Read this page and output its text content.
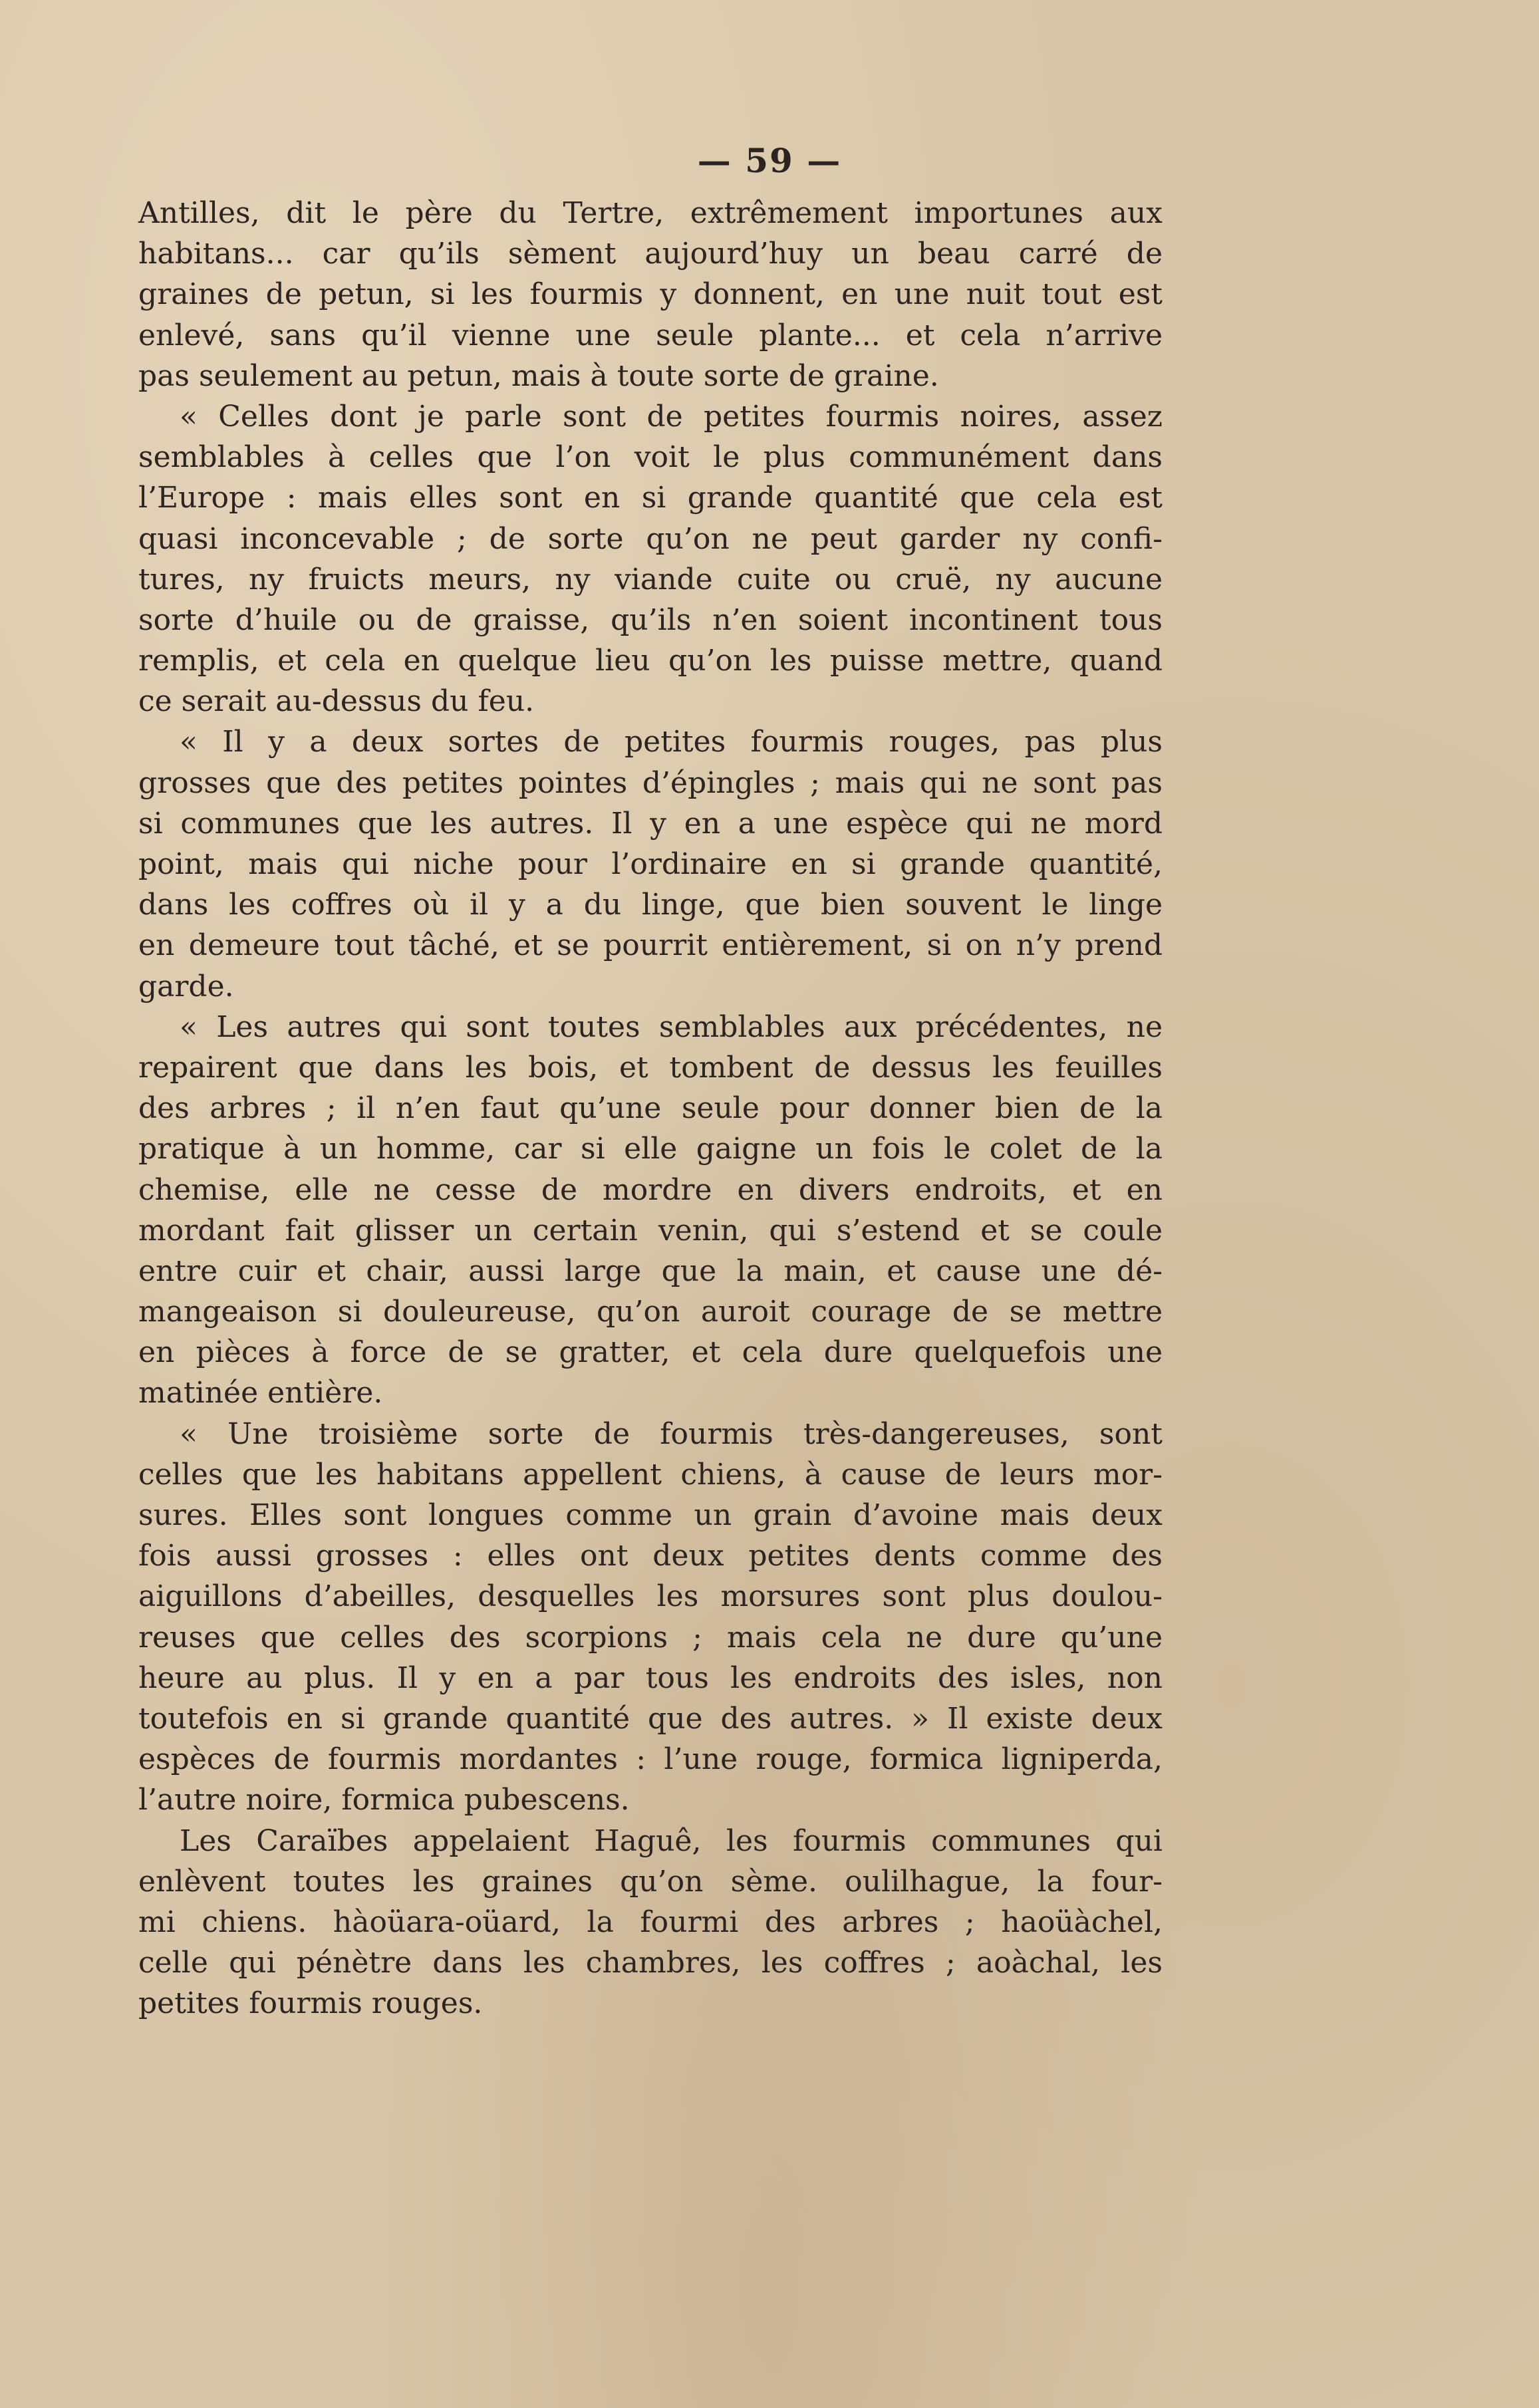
— 59 —
Antilles, dit le père du Tertre, extrêmement importunes aux
habitans... car qu’ils sèment aujourd’huy un beau carré de
graines de petun, si les fourmis y donnent, en une nuit tout est
enlevé, sans qu’il vienne une seule plante... et cela n’arrive
pas seulement au petun, mais à toute sorte de graine.
« Celles dont je parle sont de petites fourmis noires, assez
semblables à celles que l’on voit le plus communément dans
l’Europe : mais elles sont en si grande quantité que cela est
quasi inconcevable ; de sorte qu’on ne peut garder ny confi-
tures, ny fruicts meurs, ny viande cuite ou cruë, ny aucune
sorte d’huile ou de graisse, qu’ils n’en soient incontinent tous
remplis, et cela en quelque lieu qu’on les puisse mettre, quand
ce serait au-dessus du feu.
« Il y a deux sortes de petites fourmis rouges, pas plus
grosses que des petites pointes d’épingles ; mais qui ne sont pas
si communes que les autres. Il y en a une espèce qui ne mord
point, mais qui niche pour l’ordinaire en si grande quantité,
dans les coffres où il y a du linge, que bien souvent le linge
en demeure tout tâché, et se pourrit entièrement, si on n’y prend
garde.
« Les autres qui sont toutes semblables aux précédentes, ne
repairent que dans les bois, et tombent de dessus les feuilles
des arbres ; il n’en faut qu’une seule pour donner bien de la
pratique à un homme, car si elle gaigne un fois le colet de la
chemise, elle ne cesse de mordre en divers endroits, et en
mordant fait glisser un certain venin, qui s’estend et se coule
entre cuir et chair, aussi large que la main, et cause une dé-
mangeaison si douleureuse, qu’on auroit courage de se mettre
en pièces à force de se gratter, et cela dure quelquefois une
matinée entière.
« Une troisième sorte de fourmis très-dangereuses, sont
celles que les habitans appellent chiens, à cause de leurs mor-
sures. Elles sont longues comme un grain d’avoine mais deux
fois aussi grosses : elles ont deux petites dents comme des
aiguillons d’abeilles, desquelles les morsures sont plus doulou-
reuses que celles des scorpions ; mais cela ne dure qu’une
heure au plus. Il y en a par tous les endroits des isles, non
toutefois en si grande quantité que des autres. » Il existe deux
espèces de fourmis mordantes : l’une rouge, formica ligniperda,
l’autre noire, formica pubescens.
Les Caraïbes appelaient Haguê, les fourmis communes qui
enlèvent toutes les graines qu’on sème. oulilhague, la four-
mi chiens. hàoüara-oüard, la fourmi des arbres ; haoüàchel,
celle qui pénètre dans les chambres, les coffres ; aoàchal, les
petites fourmis rouges.
